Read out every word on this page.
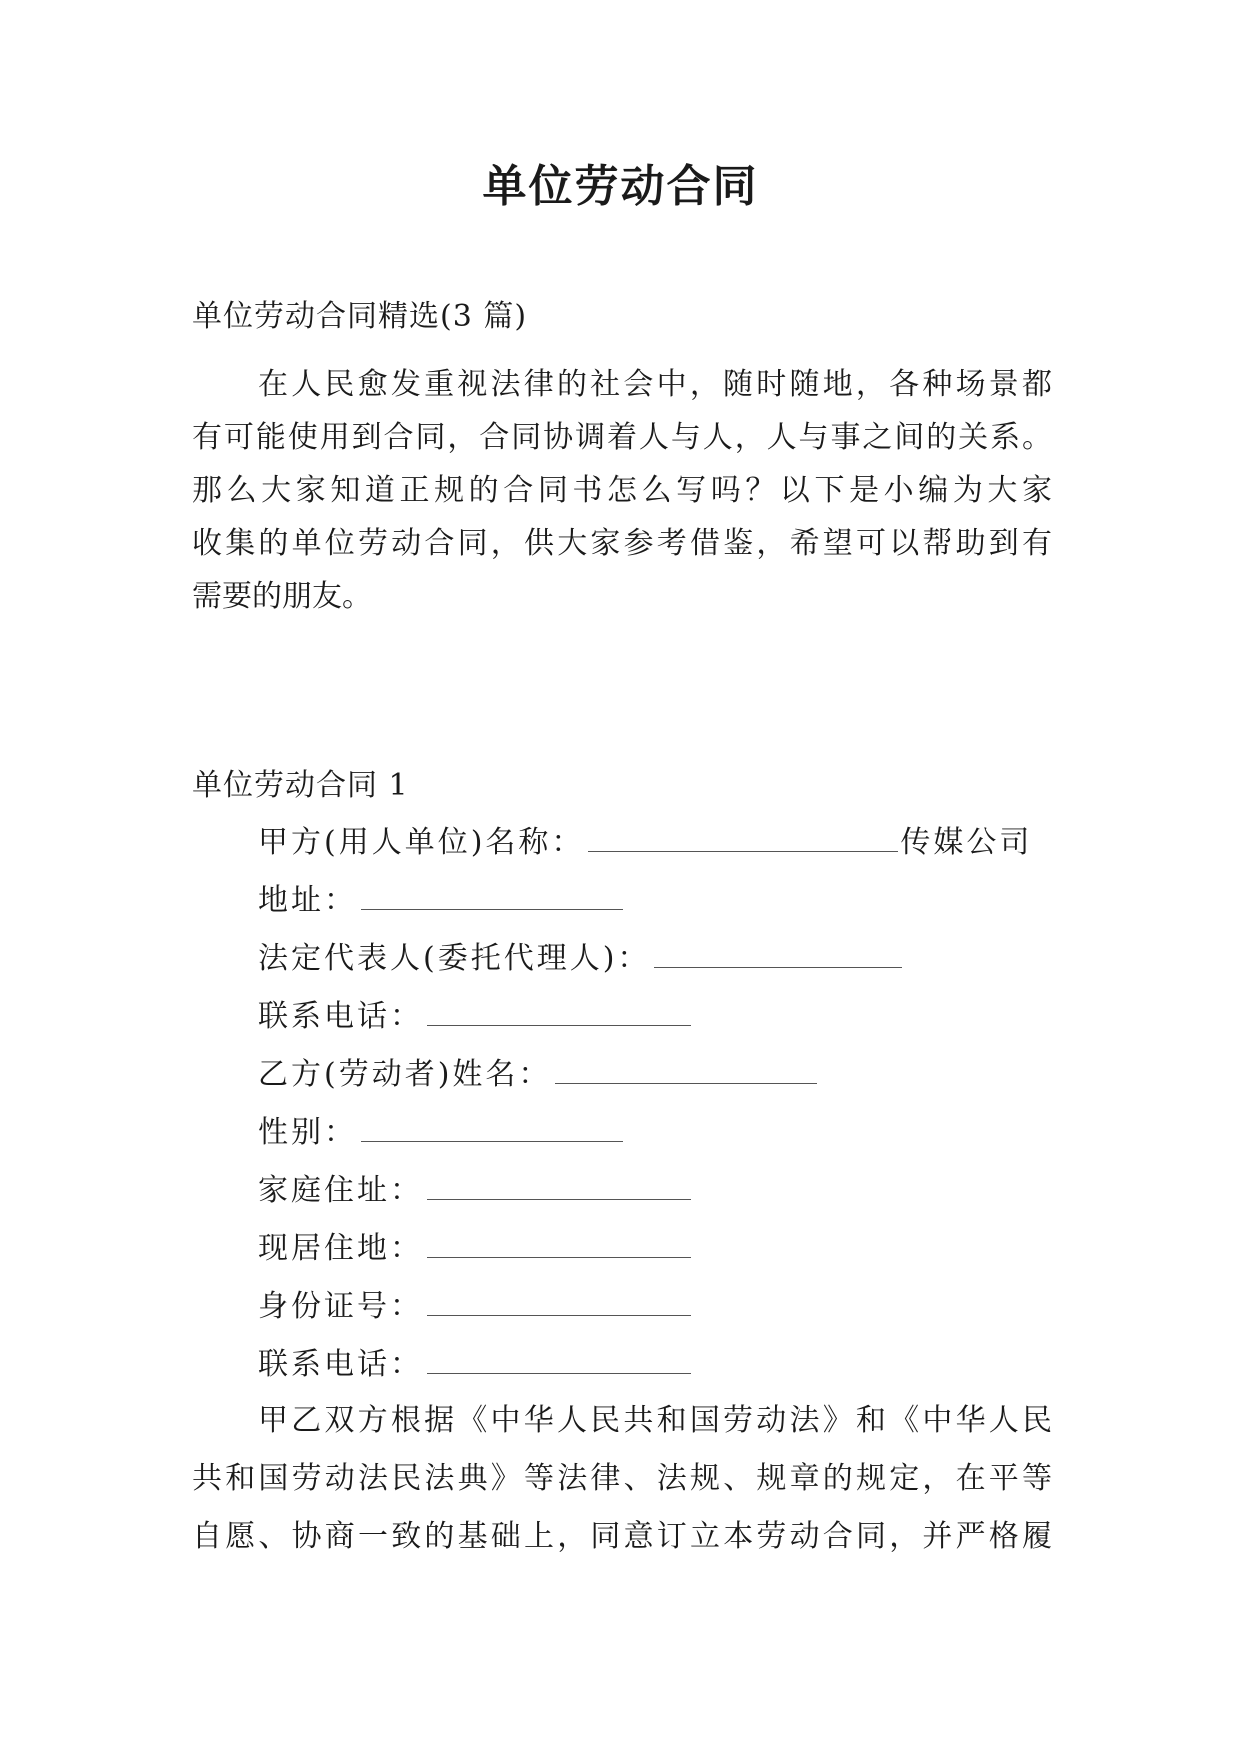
单位劳动合同
单位劳动合同精选(3 篇)
在人民愈发重视法律的社会中，随时随地，各种场景都
有可能使用到合同，合同协调着人与人，人与事之间的关系。
那么大家知道正规的合同书怎么写吗？以下是小编为大家
收集的单位劳动合同，供大家参考借鉴，希望可以帮助到有
需要的朋友。
单位劳动合同 1
甲方(用人单位)名称：	传媒公司
地址：
法定代表人(委托代理人)：
联系电话：
乙方(劳动者)姓名：
性别：
家庭住址：
现居住地：
身份证号：
联系电话：
甲乙双方根据《中华人民共和国劳动法》和《中华人民
共和国劳动法民法典》等法律、法规、规章的规定，在平等
自愿、协商一致的基础上，同意订立本劳动合同，并严格履
